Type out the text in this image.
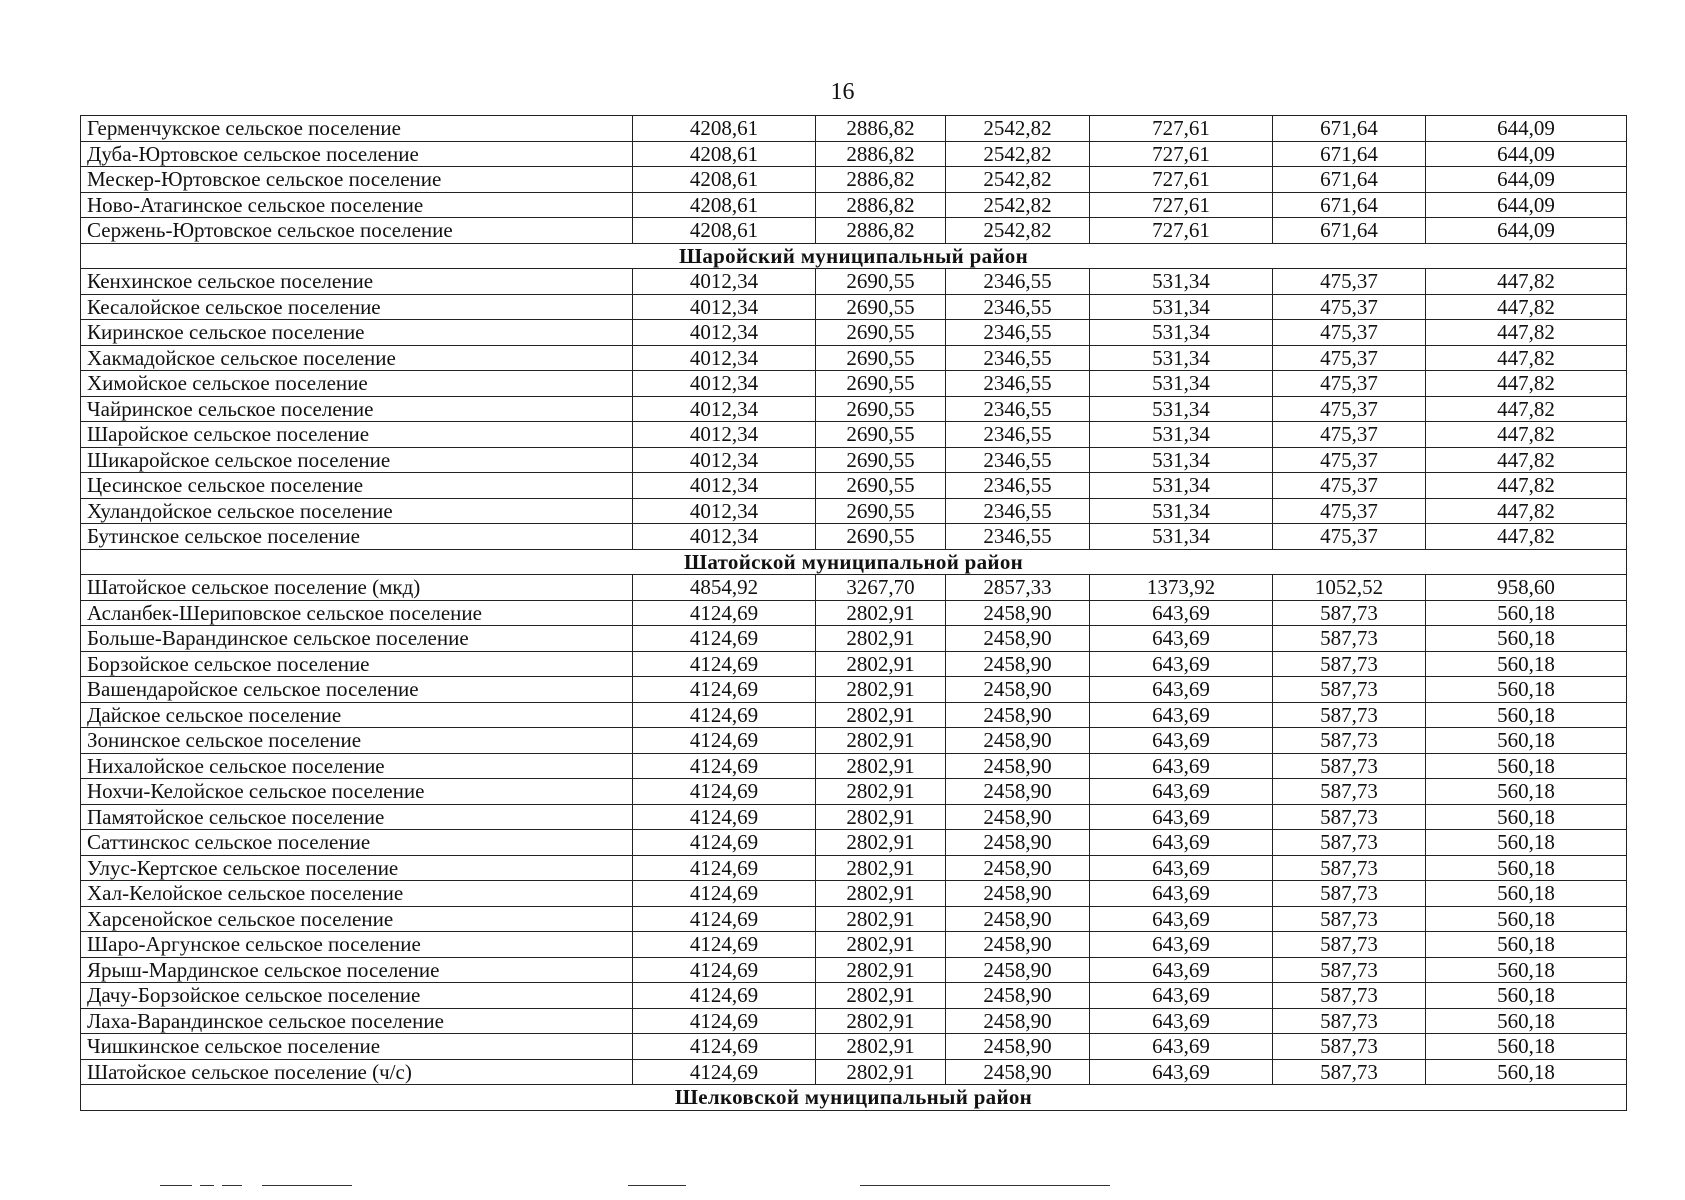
16
Герменчукское сельское поселение	4208,61	2886,82	2542,82	727,61	671,64	644,09
Дуба-Юртовское сельское поселение	4208,61	2886,82	2542,82	727,61	671,64	644,09
Мескер-Юртовское сельское поселение	4208,61	2886,82	2542,82	727,61	671,64	644,09
Ново-Атагинское сельское поселение	4208,61	2886,82	2542,82	727,61	671,64	644,09
Сержень-Юртовское сельское поселение	4208,61	2886,82	2542,82	727,61	671,64	644,09
Шаройский муниципальный район						
Кенхинское сельское поселение	4012,34	2690,55	2346,55	531,34	475,37	447,82
Кесалойское сельское поселение	4012,34	2690,55	2346,55	531,34	475,37	447,82
Киринское сельское поселение	4012,34	2690,55	2346,55	531,34	475,37	447,82
Хакмадойское сельское поселение	4012,34	2690,55	2346,55	531,34	475,37	447,82
Химойское сельское поселение	4012,34	2690,55	2346,55	531,34	475,37	447,82
Чайринское сельское поселение	4012,34	2690,55	2346,55	531,34	475,37	447,82
Шаройское сельское поселение	4012,34	2690,55	2346,55	531,34	475,37	447,82
Шикаройское сельское поселение	4012,34	2690,55	2346,55	531,34	475,37	447,82
Цесинское сельское поселение	4012,34	2690,55	2346,55	531,34	475,37	447,82
Хуландойское сельское поселение	4012,34	2690,55	2346,55	531,34	475,37	447,82
Бутинское сельское поселение	4012,34	2690,55	2346,55	531,34	475,37	447,82
Шатойской муниципальной район						
Шатойское сельское поселение (мкд)	4854,92	3267,70	2857,33	1373,92	1052,52	958,60
Асланбек-Шериповское сельское поселение	4124,69	2802,91	2458,90	643,69	587,73	560,18
Больше-Варандинское сельское поселение	4124,69	2802,91	2458,90	643,69	587,73	560,18
Борзойское сельское поселение	4124,69	2802,91	2458,90	643,69	587,73	560,18
Вашендаройское сельское поселение	4124,69	2802,91	2458,90	643,69	587,73	560,18
Дайское сельское поселение	4124,69	2802,91	2458,90	643,69	587,73	560,18
Зонинское сельское поселение	4124,69	2802,91	2458,90	643,69	587,73	560,18
Нихалойское сельское поселение	4124,69	2802,91	2458,90	643,69	587,73	560,18
Нохчи-Келойское сельское поселение	4124,69	2802,91	2458,90	643,69	587,73	560,18
Памятойское сельское поселение	4124,69	2802,91	2458,90	643,69	587,73	560,18
Саттинскос сельское поселение	4124,69	2802,91	2458,90	643,69	587,73	560,18
Улус-Кертское сельское поселение	4124,69	2802,91	2458,90	643,69	587,73	560,18
Хал-Келойское сельское поселение	4124,69	2802,91	2458,90	643,69	587,73	560,18
Харсенойское сельское поселение	4124,69	2802,91	2458,90	643,69	587,73	560,18
Шаро-Аргунское сельское поселение	4124,69	2802,91	2458,90	643,69	587,73	560,18
Ярыш-Мардинское сельское поселение	4124,69	2802,91	2458,90	643,69	587,73	560,18
Дачу-Борзойское сельское поселение	4124,69	2802,91	2458,90	643,69	587,73	560,18
Лаха-Варандинское сельское поселение	4124,69	2802,91	2458,90	643,69	587,73	560,18
Чишкинское сельское поселение	4124,69	2802,91	2458,90	643,69	587,73	560,18
Шатойское сельское поселение (ч/с)	4124,69	2802,91	2458,90	643,69	587,73	560,18
Шелковской муниципальный район						
